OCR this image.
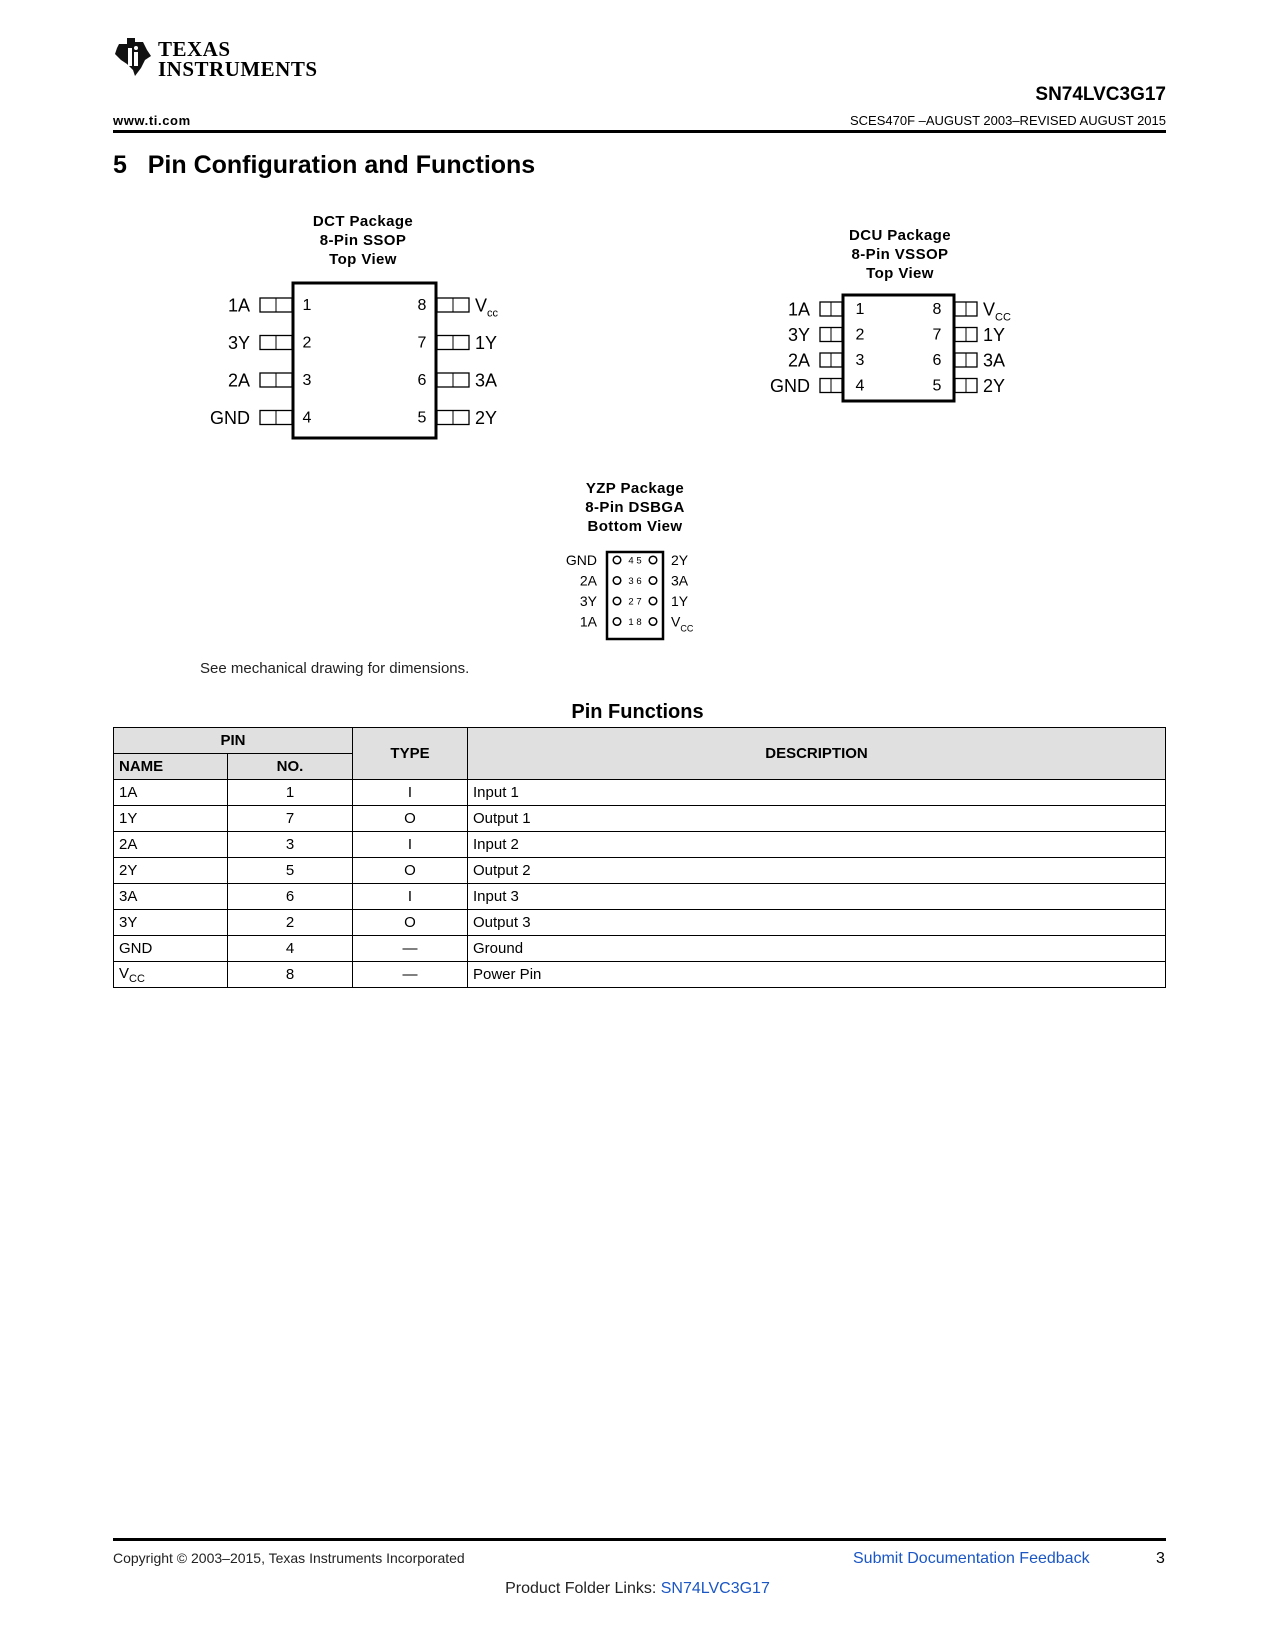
TEXAS
INSTRUMENTS
SN74LVC3G17
www.ti.com	SCES470F –AUGUST 2003–REVISED AUGUST 2015
5   Pin Configuration and Functions
DCT Package
8-Pin SSOP
Top View
1A	1
3Y	2
2A	3
GND	4
$V_{cc}$
8
1Y
7
3A
6
2Y
5
1A	1
3Y	2
2A	3
GND	4
$V_{CC}$
8
1Y
7
3A
6
2Y
5
GND	4 5 2Y
2A	3 6 3A
3Y	2 7 1Y
1A	1 8 $V_{CC}$
DCU Package
8-Pin VSSOP
Top View
YZP Package
8-Pin DSBGA
Bottom View
See mechanical drawing for dimensions.
Pin Functions
PIN		TYPE	DESCRIPTION
NAME	NO.		
1A	1	I	Input 1
1Y	7	O	Output 1
2A	3	I	Input 2
2Y	5	O	Output 2
3A	6	I	Input 3
3Y	2	O	Output 3
GND	4	—	Ground
$V_{CC}$	8	—	Power Pin
Copyright © 2003–2015, Texas Instruments Incorporated	Submit Documentation Feedback	3
Product Folder Links: SN74LVC3G17
